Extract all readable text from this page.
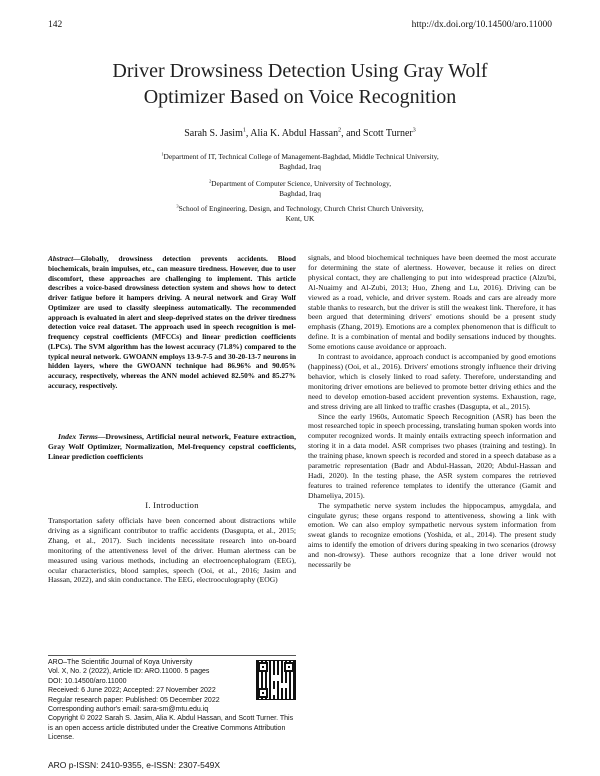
142	http://dx.doi.org/10.14500/aro.11000
Driver Drowsiness Detection Using Gray Wolf
Optimizer Based on Voice Recognition
Sarah S. Jasim$^1$, Alia K. Abdul Hassan$^2$, and Scott Turner$^3$
$^1$Department of IT, Technical College of Management-Baghdad, Middle Technical University,
Baghdad, Iraq
$^2$Department of Computer Science, University of Technology,
Baghdad, Iraq
$^3$School of Engineering, Design, and Technology, Church Christ Church University,
Kent, UK

Abstract—Globally, drowsiness detection prevents accidents. Blood biochemicals, brain impulses, etc., can measure tiredness. However, due to user discomfort, these approaches are challenging to implement. This article describes a voice-based drowsiness detection system and shows how to detect driver fatigue before it hampers driving. A neural network and Gray Wolf Optimizer are used to classify sleepiness automatically. The recommended approach is evaluated in alert and sleep-deprived states on the driver tiredness detection voice real dataset. The approach used in speech recognition is mel-frequency cepstral coefficients (MFCCs) and linear prediction coefficients (LPCs). The SVM algorithm has the lowest accuracy (71.8%) compared to the typical neural network. GWOANN employs 13-9-7-5 and 30-20-13-7 neurons in hidden layers, where the GWOANN technique had 86.96% and 90.05% accuracy, respectively, whereas the ANN model achieved 82.50% and 85.27% accuracy, respectively.

Index Terms—Drowsiness, Artificial neural network, Feature extraction, Gray Wolf Optimizer, Normalization, Mel-frequency cepstral coefficients, Linear prediction coefficients

I. Introduction

Transportation safety officials have been concerned about distractions while driving as a significant contributor to traffic accidents (Dasgupta, et al., 2015; Zhang, et al., 2017). Such incidents necessitate research into on-board monitoring of the attentiveness level of the driver. Human alertness can be measured using various methods, including an electroencephalogram (EEG), ocular characteristics, blood samples, speech (Ooi, et al., 2016; Jasim and Hassan, 2022), and skin conductance. The EEG, electrooculography (EOG)

signals, and blood biochemical techniques have been deemed the most accurate for determining the state of alertness. However, because it relies on direct physical contact, they are challenging to put into widespread practice (Alzu'bi, Al-Nuaimy and Al-Zubi, 2013; Huo, Zheng and Lu, 2016). Driving can be viewed as a road, vehicle, and driver system. Roads and cars are already more stable thanks to research, but the driver is still the weakest link. Therefore, it has been argued that determining drivers' emotions should be a present study emphasis (Zhang, 2019). Emotions are a complex phenomenon that is difficult to define. It is a combination of mental and bodily sensations induced by thoughts. Some emotions cause avoidance or approach.

In contrast to avoidance, approach conduct is accompanied by good emotions (happiness) (Ooi, et al., 2016). Drivers' emotions strongly influence their driving behavior, which is closely linked to road safety. Therefore, understanding and monitoring driver emotions are believed to promote better driving ethics and the need to develop emotion-based accident prevention systems. Exhaustion, rage, and stress driving are all linked to traffic crashes (Dasgupta, et al., 2015).

Since the early 1960s, Automatic Speech Recognition (ASR) has been the most researched topic in speech processing, translating human spoken words into computer recognized words. It mainly entails extracting speech information and storing it in a data model. ASR comprises two phases (training and testing). In the training phase, known speech is recorded and stored in a speech database as a parametric representation (Badr and Abdul-Hassan, 2020; Abdul-Hassan and Hadi, 2020). In the testing phase, the ASR system compares the retrieved features to trained reference templates to identify the utterance (Gamit and Dhameliya, 2015).

The sympathetic nerve system includes the hippocampus, amygdala, and cingulate gyrus; these organs respond to attentiveness, showing a link with emotion. We can also employ sympathetic nervous system information from sweat glands to recognize emotions (Yoshida, et al., 2014). The present study aims to identify the emotion of drivers during speaking in two scenarios (drowsy and non-drowsy). These authors recognize that a lone driver would not necessarily be

ARO–The Scientific Journal of Koya University
Vol. X, No. 2 (2022), Article ID: ARO.11000. 5 pages
DOI: 10.14500/aro.11000
Received: 6 June 2022; Accepted: 27 November 2022
Regular research paper: Published: 05 December 2022
Corresponding author's email: sara-sm@mtu.edu.iq
Copyright © 2022 Sarah S. Jasim, Alia K. Abdul Hassan, and Scott Turner. This is an open access article distributed under the Creative Commons Attribution License.
ARO p-ISSN: 2410-9355, e-ISSN: 2307-549X
